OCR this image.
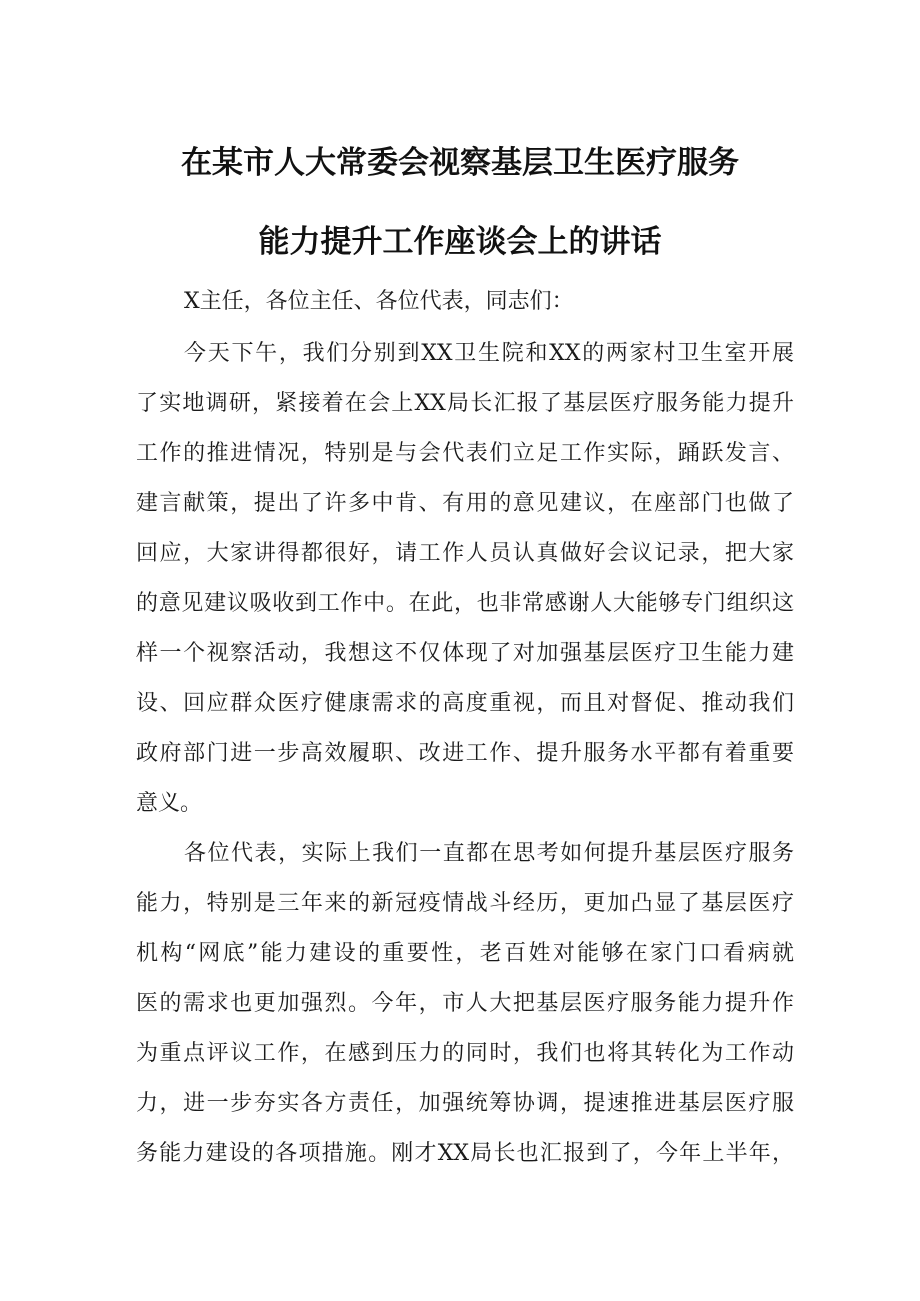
在某市人大常委会视察基层卫生医疗服务
能力提升工作座谈会上的讲话
X主任，各位主任、各位代表，同志们：
今天下午，我们分别到XX卫生院和XX的两家村卫生室开展
了实地调研，紧接着在会上XX局长汇报了基层医疗服务能力提升
工作的推进情况，特别是与会代表们立足工作实际，踊跃发言、
建言献策，提出了许多中肯、有用的意见建议，在座部门也做了
回应，大家讲得都很好，请工作人员认真做好会议记录，把大家
的意见建议吸收到工作中。在此，也非常感谢人大能够专门组织这
样一个视察活动，我想这不仅体现了对加强基层医疗卫生能力建
设、回应群众医疗健康需求的高度重视，而且对督促、推动我们
政府部门进一步高效履职、改进工作、提升服务水平都有着重要
意义。
各位代表，实际上我们一直都在思考如何提升基层医疗服务
能力，特别是三年来的新冠疫情战斗经历，更加凸显了基层医疗
机构“网底”能力建设的重要性，老百姓对能够在家门口看病就
医的需求也更加强烈。今年，市人大把基层医疗服务能力提升作
为重点评议工作，在感到压力的同时，我们也将其转化为工作动
力，进一步夯实各方责任，加强统筹协调，提速推进基层医疗服
务能力建设的各项措施。刚才XX局长也汇报到了，今年上半年，
